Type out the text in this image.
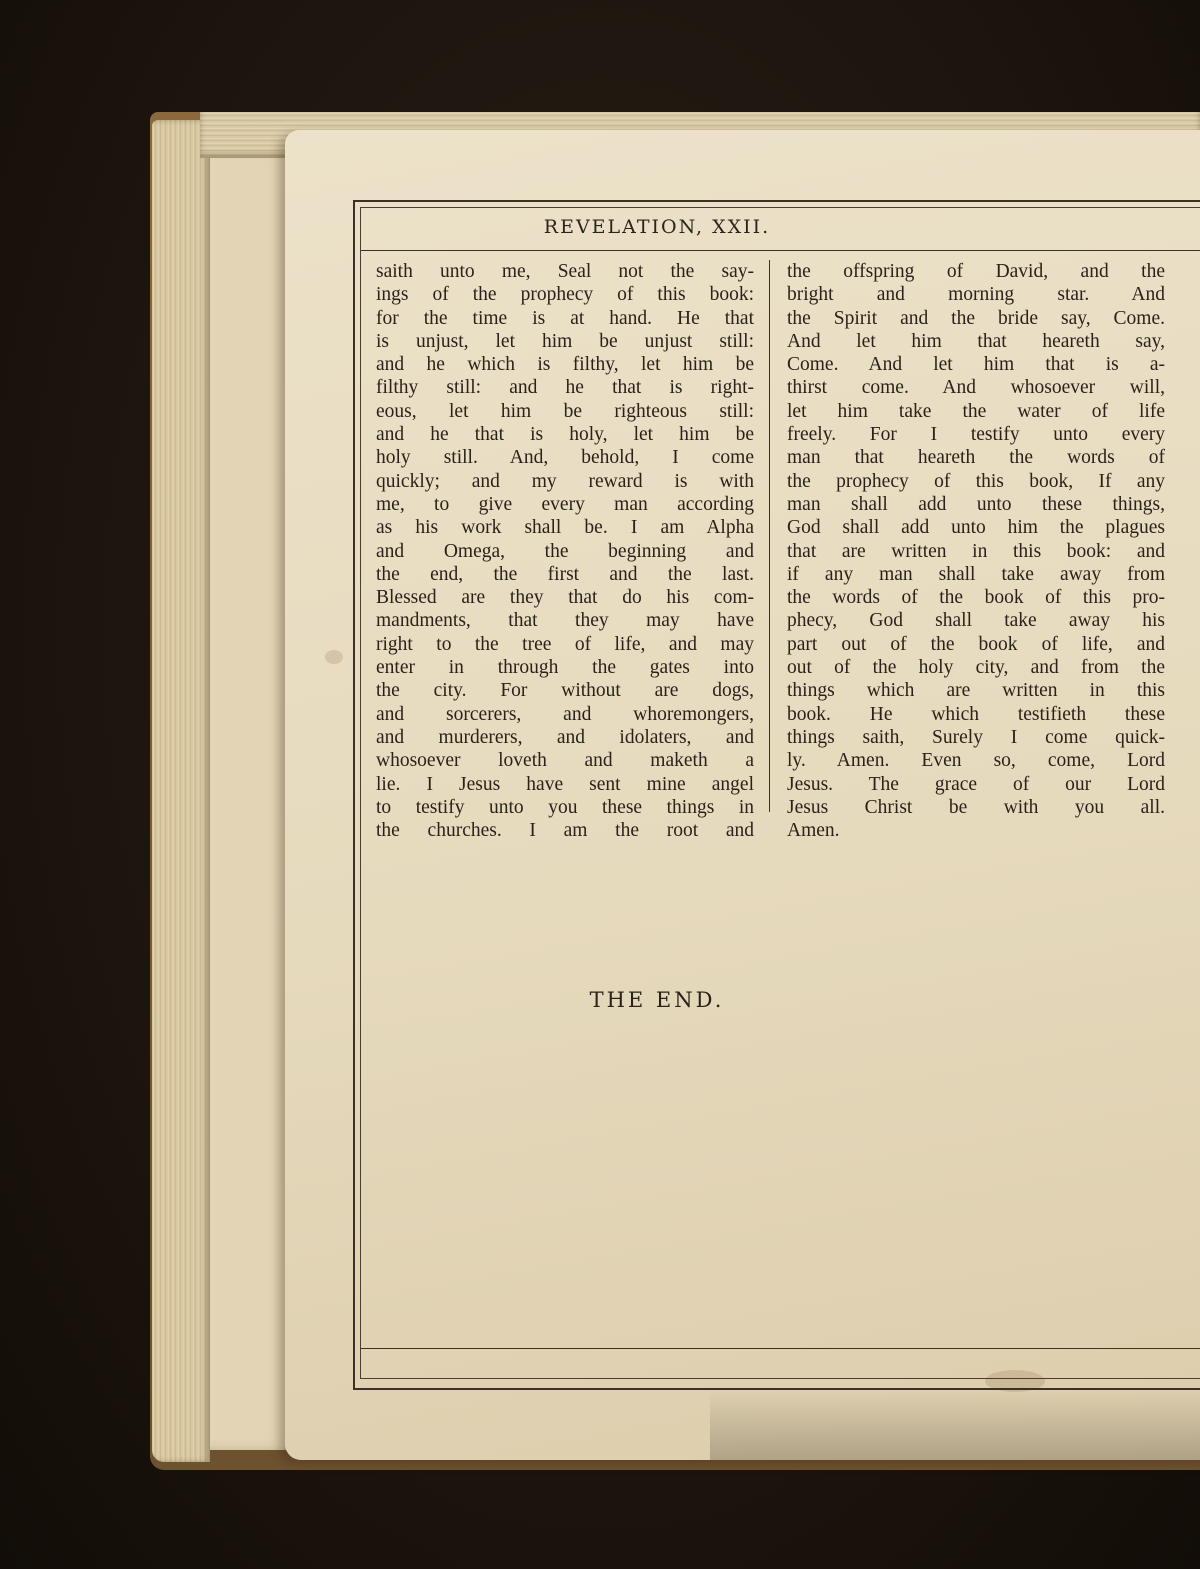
REVELATION, XXII.
saith unto me, Seal not the say-
ings of the prophecy of this book:
for the time is at hand. He that
is unjust, let him be unjust still:
and he which is filthy, let him be
filthy still: and he that is right-
eous, let him be righteous still:
and he that is holy, let him be
holy still. And, behold, I come
quickly; and my reward is with
me, to give every man according
as his work shall be. I am Alpha
and Omega, the beginning and
the end, the first and the last.
Blessed are they that do his com-
mandments, that they may have
right to the tree of life, and may
enter in through the gates into
the city. For without are dogs,
and sorcerers, and whoremongers,
and murderers, and idolaters, and
whosoever loveth and maketh a
lie. I Jesus have sent mine angel
to testify unto you these things in
the churches. I am the root and
the offspring of David, and the
bright and morning star. And
the Spirit and the bride say, Come.
And let him that heareth say,
Come. And let him that is a-
thirst come. And whosoever will,
let him take the water of life
freely. For I testify unto every
man that heareth the words of
the prophecy of this book, If any
man shall add unto these things,
God shall add unto him the plagues
that are written in this book: and
if any man shall take away from
the words of the book of this pro-
phecy, God shall take away his
part out of the book of life, and
out of the holy city, and from the
things which are written in this
book. He which testifieth these
things saith, Surely I come quick-
ly. Amen. Even so, come, Lord
Jesus. The grace of our Lord
Jesus Christ be with you all.
Amen.
THE END.
